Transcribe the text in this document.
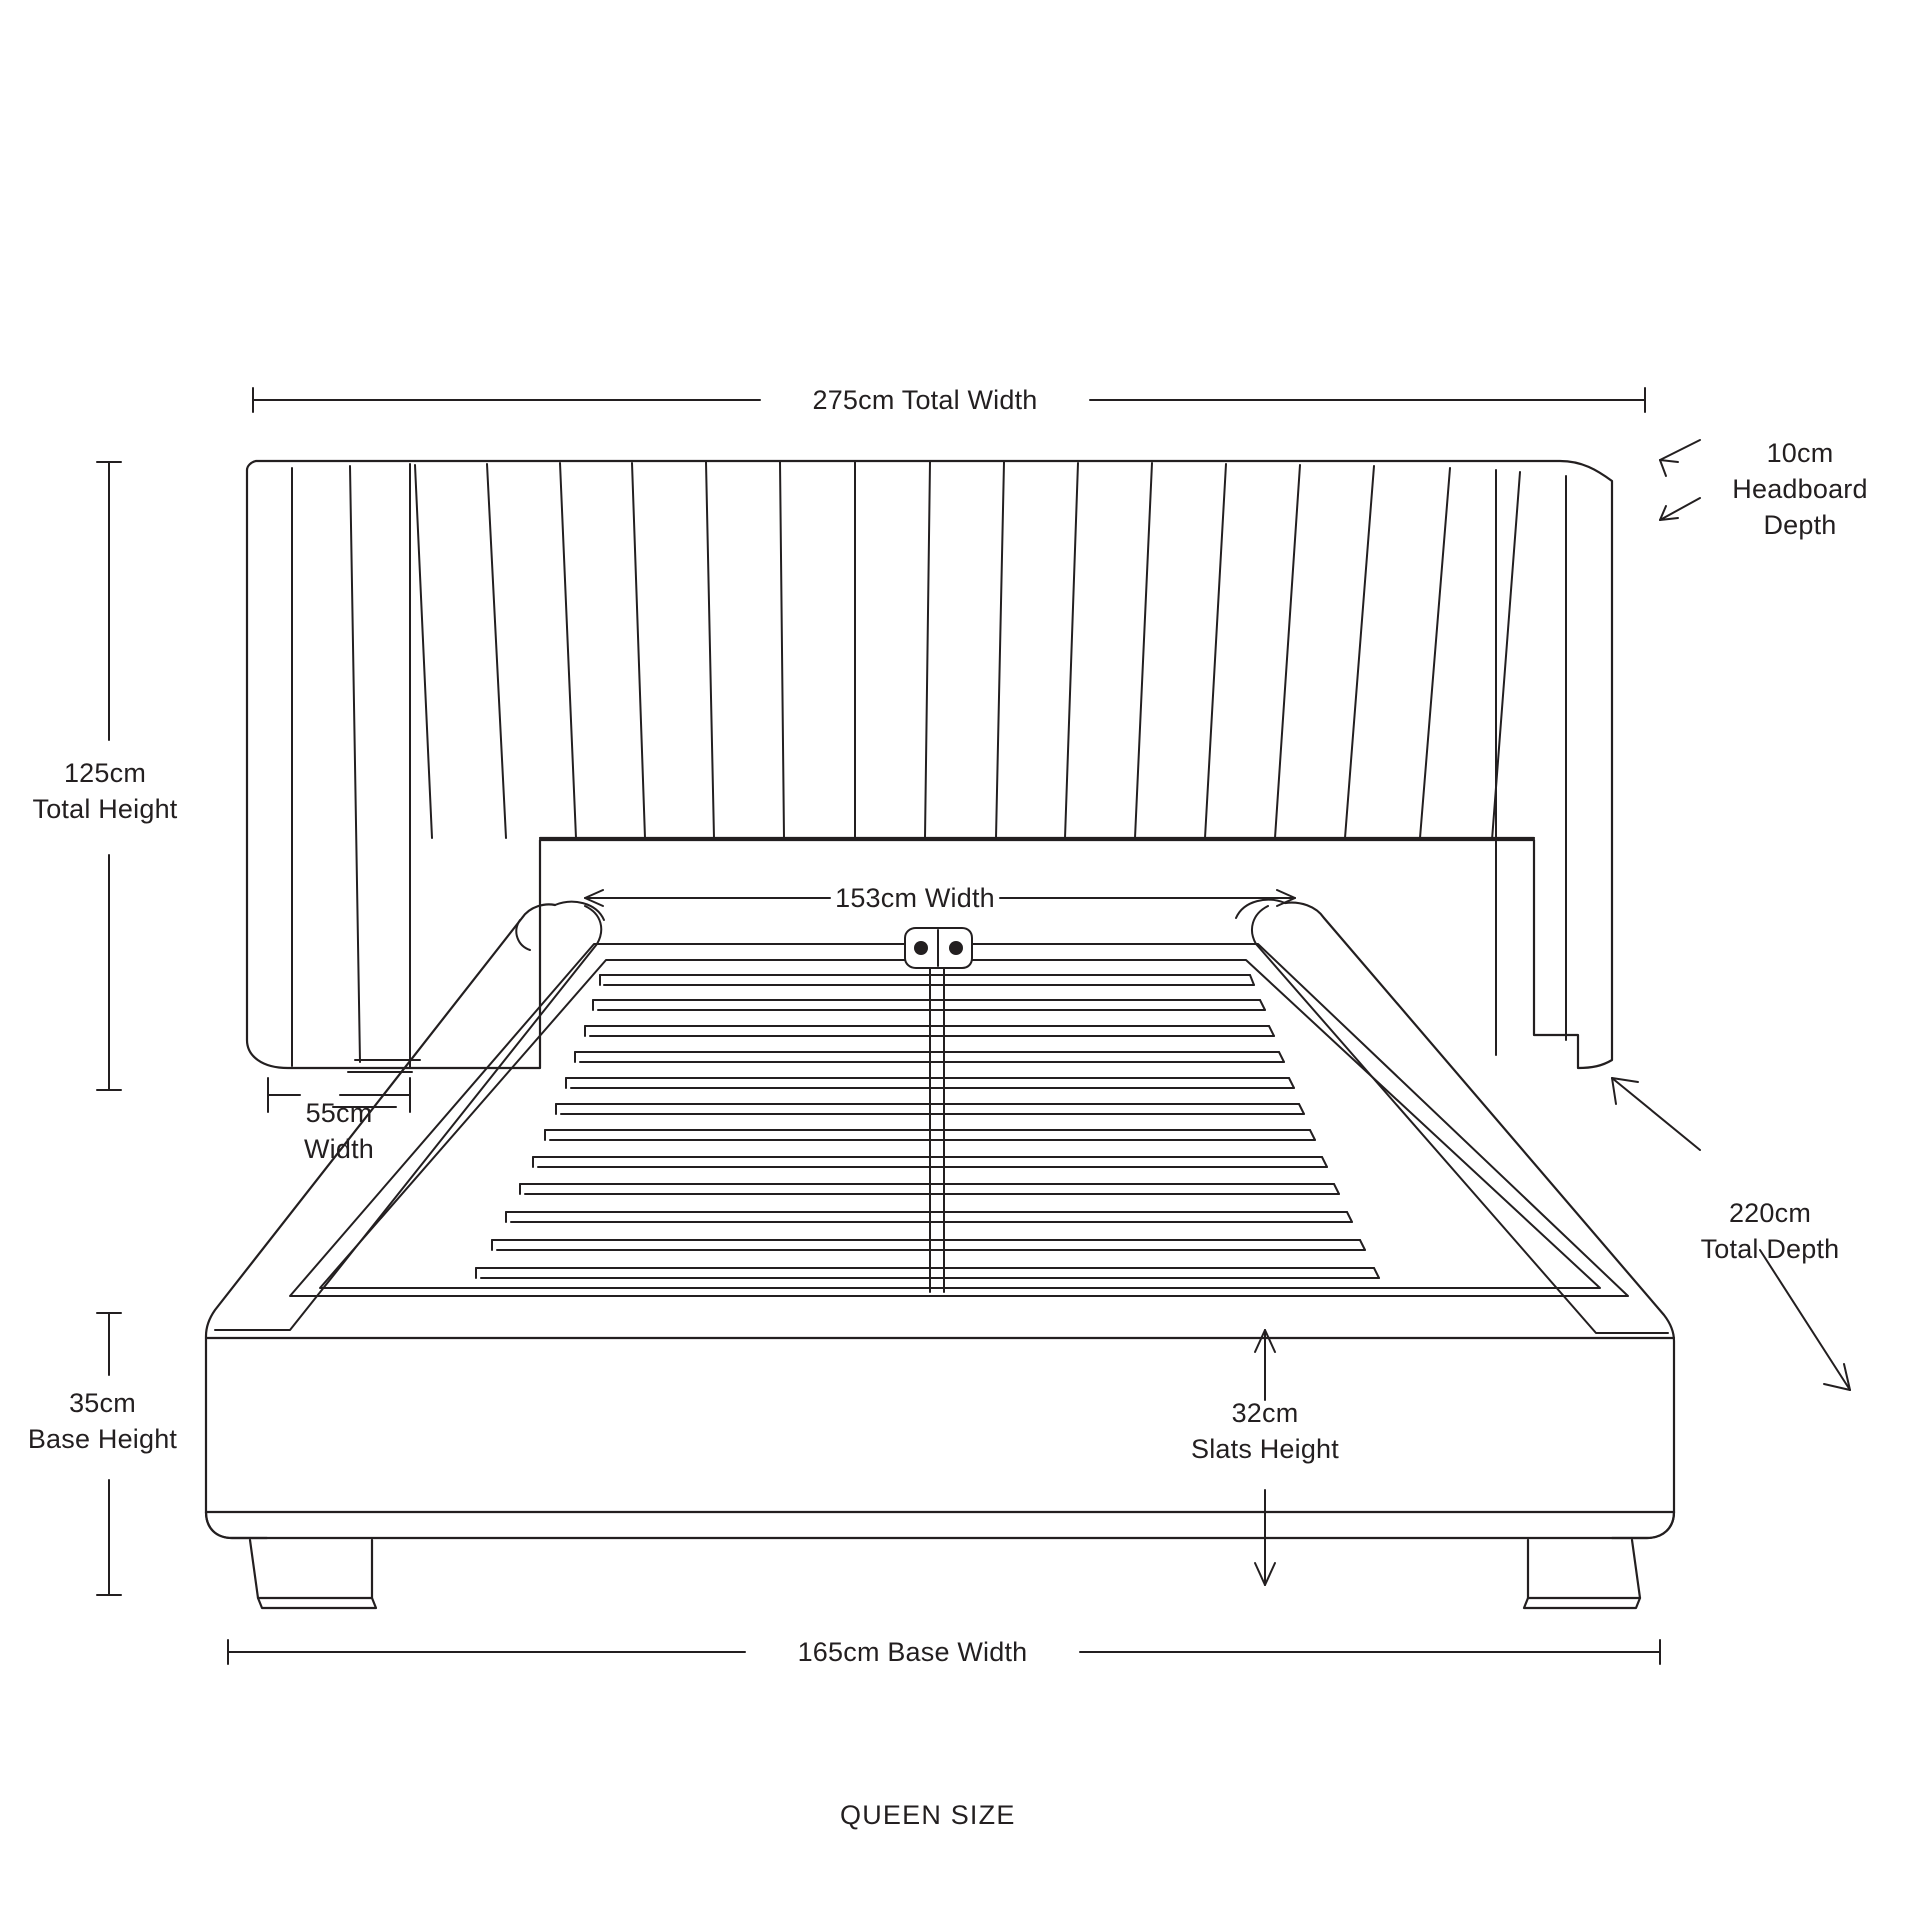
275cm Total Width
10cm
Headboard
Depth
125cm
Total Height
153cm Width
55cm
Width
220cm
Total Depth
35cm
Base Height
32cm
Slats Height
165cm Base Width
QUEEN SIZE
